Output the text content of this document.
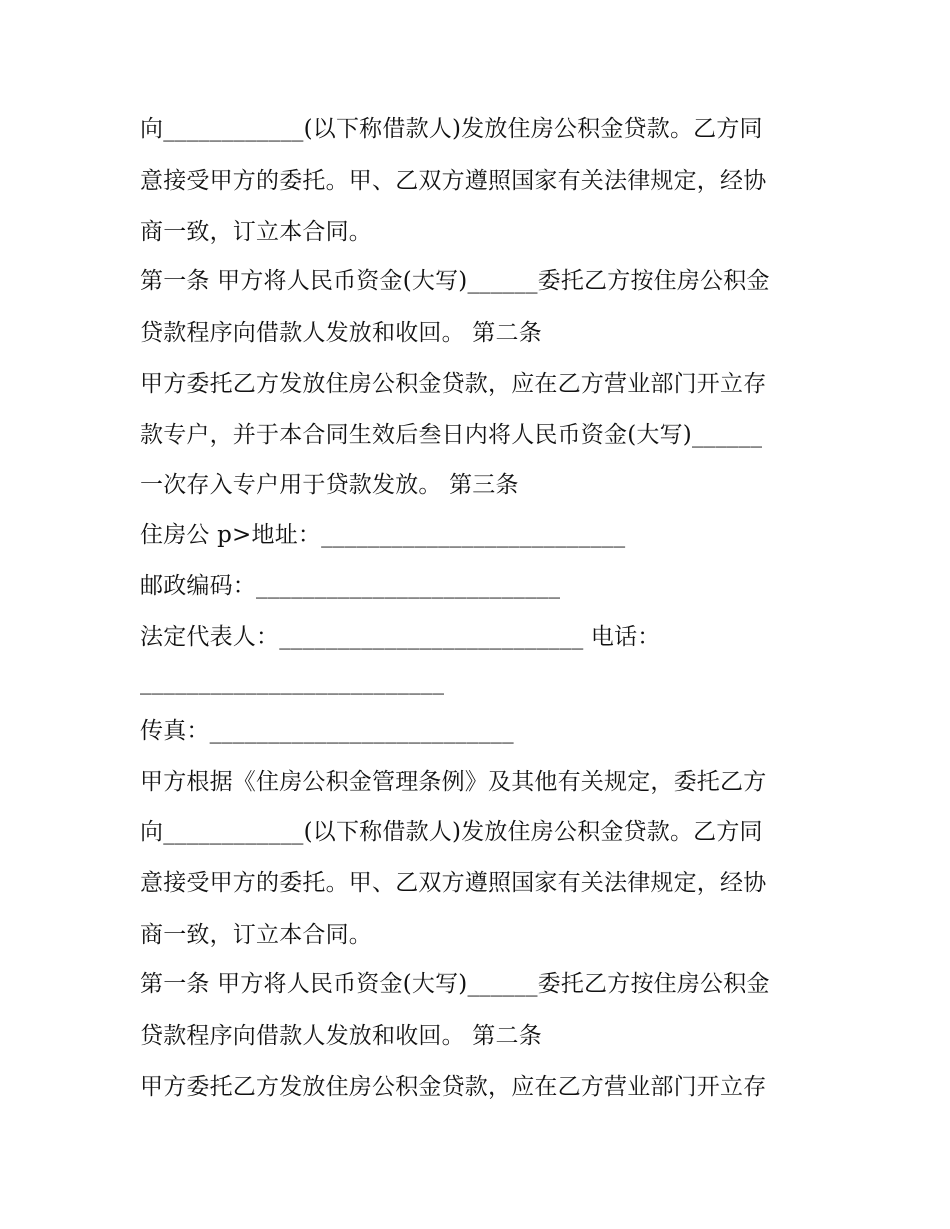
向____________(以下称借款人)发放住房公积金贷款。乙方同
意接受甲方的委托。甲、乙双方遵照国家有关法律规定，经协
商一致，订立本合同。
第一条 甲方将人民币资金(大写)______委托乙方按住房公积金
贷款程序向借款人发放和收回。 第二条
甲方委托乙方发放住房公积金贷款，应在乙方营业部门开立存
款专户，并于本合同生效后叁日内将人民币资金(大写)______
一次存入专户用于贷款发放。 第三条
住房公 p>地址：__________________________
邮政编码：__________________________
法定代表人：__________________________ 电话：
__________________________
传真：__________________________
甲方根据《住房公积金管理条例》及其他有关规定，委托乙方
向____________(以下称借款人)发放住房公积金贷款。乙方同
意接受甲方的委托。甲、乙双方遵照国家有关法律规定，经协
商一致，订立本合同。
第一条 甲方将人民币资金(大写)______委托乙方按住房公积金
贷款程序向借款人发放和收回。 第二条
甲方委托乙方发放住房公积金贷款，应在乙方营业部门开立存
